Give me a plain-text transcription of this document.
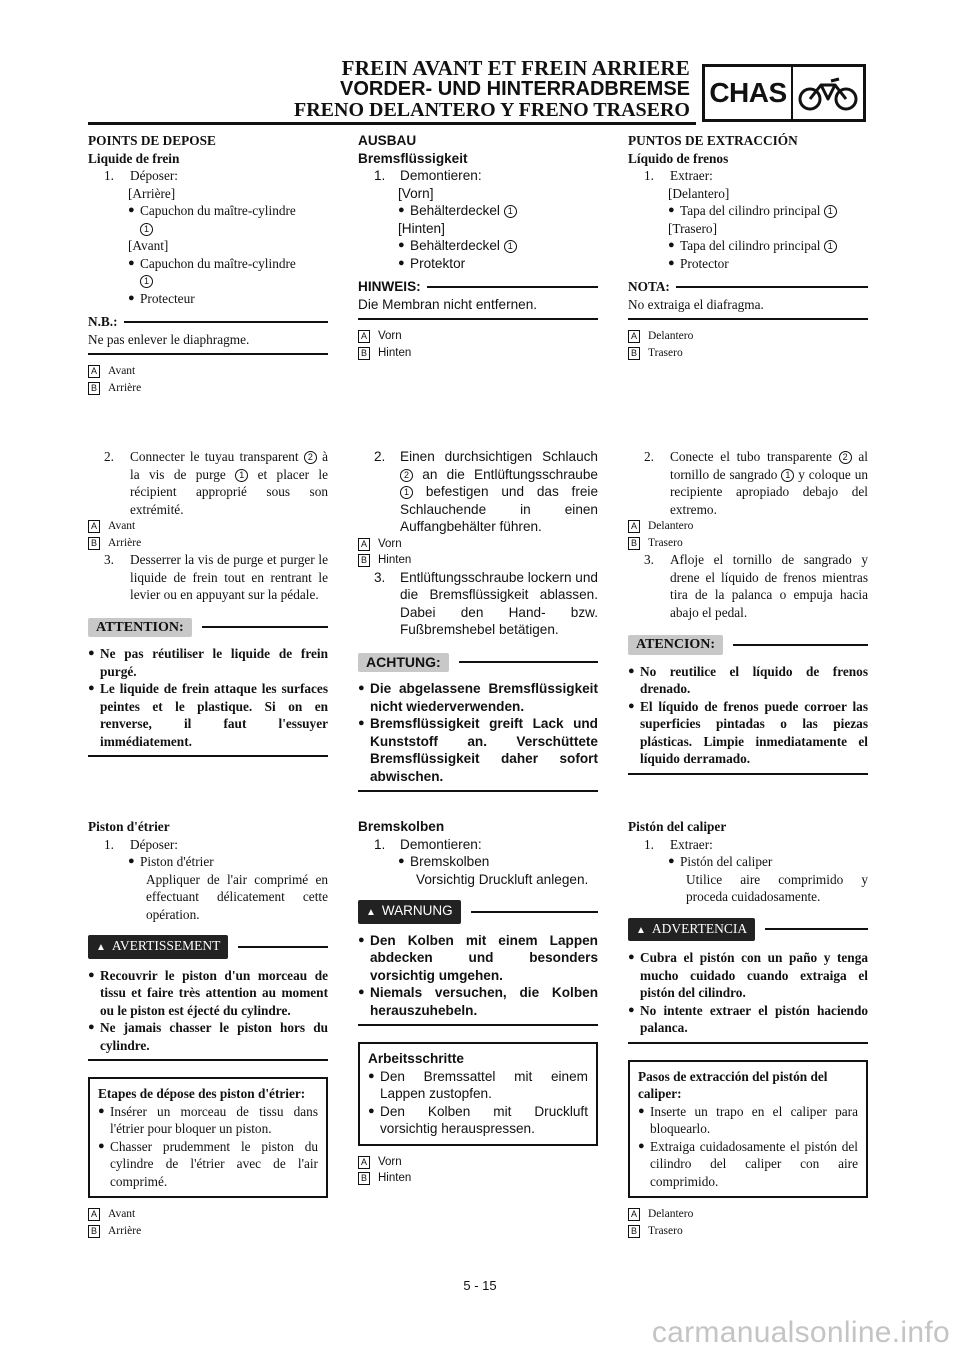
FREIN AVANT ET FREIN ARRIERE
VORDER- UND HINTERRADBREMSE
FRENO DELANTERO Y FRENO TRASERO
CHAS
POINTS DE DEPOSE
Liquide de frein
1.	Déposer:
[Arrière]
● Capuchon du maître-cylindre
1
[Avant]
● Capuchon du maître-cylindre
1
● Protecteur
N.B.:
Ne pas enlever le diaphragme.
A Avant
B Arrière
AUSBAU
Bremsflüssigkeit
1.	Demontieren:
[Vorn]
● Behälterdeckel 1
[Hinten]
● Behälterdeckel 1
● Protektor
HINWEIS:
Die Membran nicht entfernen.
A Vorn
B Hinten
PUNTOS DE EXTRACCIÓN
Líquido de frenos
1.	Extraer:
[Delantero]
● Tapa del cilindro principal 1
[Trasero]
● Tapa del cilindro principal 1
● Protector
NOTA:
No extraiga el diafragma.
A Delantero
B Trasero
2.	Connecter le tuyau transparent 2 à la vis de purge 1 et placer le récipient approprié sous son extrémité.
A Avant
B Arrière
3.	Desserrer la vis de purge et purger le liquide de frein tout en rentrant le levier ou en appuyant sur la pédale.
ATTENTION:
● Ne pas réutiliser le liquide de frein purgé.
● Le liquide de frein attaque les surfaces peintes et le plastique. Si on en renverse, il faut l'essuyer immédiatement.
2.	Einen durchsichtigen Schlauch 2 an die Entlüftungsschraube 1 befestigen und das freie Schlauchende in einen Auffangbehälter führen.
A Vorn
B Hinten
3.	Entlüftungsschraube lockern und die Bremsflüssigkeit ablassen. Dabei den Hand- bzw. Fußbremshebel betätigen.
ACHTUNG:
● Die abgelassene Bremsflüssigkeit nicht wiederverwenden.
● Bremsflüssigkeit greift Lack und Kunststoff an. Verschüttete Bremsflüssigkeit daher sofort abwischen.
2.	Conecte el tubo transparente 2 al tornillo de sangrado 1 y coloque un recipiente apropiado debajo del extremo.
A Delantero
B Trasero
3.	Afloje el tornillo de sangrado y drene el líquido de frenos mientras tira de la palanca o empuja hacia abajo el pedal.
ATENCION:
● No reutilice el líquido de frenos drenado.
● El líquido de frenos puede corroer las superficies pintadas o las piezas plásticas. Limpie inmediatamente el líquido derramado.
Piston d'étrier
1.	Déposer:
● Piston d'étrier
Appliquer de l'air comprimé en effectuant délicatement cette opération.
▲ AVERTISSEMENT
● Recouvrir le piston d'un morceau de tissu et faire très attention au moment ou le piston est éjecté du cylindre.
● Ne jamais chasser le piston hors du cylindre.
Etapes de dépose des piston d'étrier:
● Insérer un morceau de tissu dans l'étrier pour bloquer un piston.
● Chasser prudemment le piston du cylindre de l'étrier avec de l'air comprimé.
A Avant
B Arrière
Bremskolben
1.	Demontieren:
● Bremskolben
Vorsichtig Druckluft anlegen.
▲ WARNUNG
● Den Kolben mit einem Lappen abdecken und besonders vorsichtig umgehen.
● Niemals versuchen, die Kolben herauszuhebeln.
Arbeitsschritte
● Den Bremssattel mit einem Lappen zustopfen.
● Den Kolben mit Druckluft vorsichtig herauspressen.
A Vorn
B Hinten
Pistón del caliper
1.	Extraer:
● Pistón del caliper
Utilice aire comprimido y proceda cuidadosamente.
▲ ADVERTENCIA
● Cubra el pistón con un paño y tenga mucho cuidado cuando extraiga el pistón del cilindro.
● No intente extraer el pistón haciendo palanca.
Pasos de extracción del pistón del caliper:
● Inserte un trapo en el caliper para bloquearlo.
● Extraiga cuidadosamente el pistón del cilindro del caliper con aire comprimido.
A Delantero
B Trasero
5 - 15
carmanualsonline.info
